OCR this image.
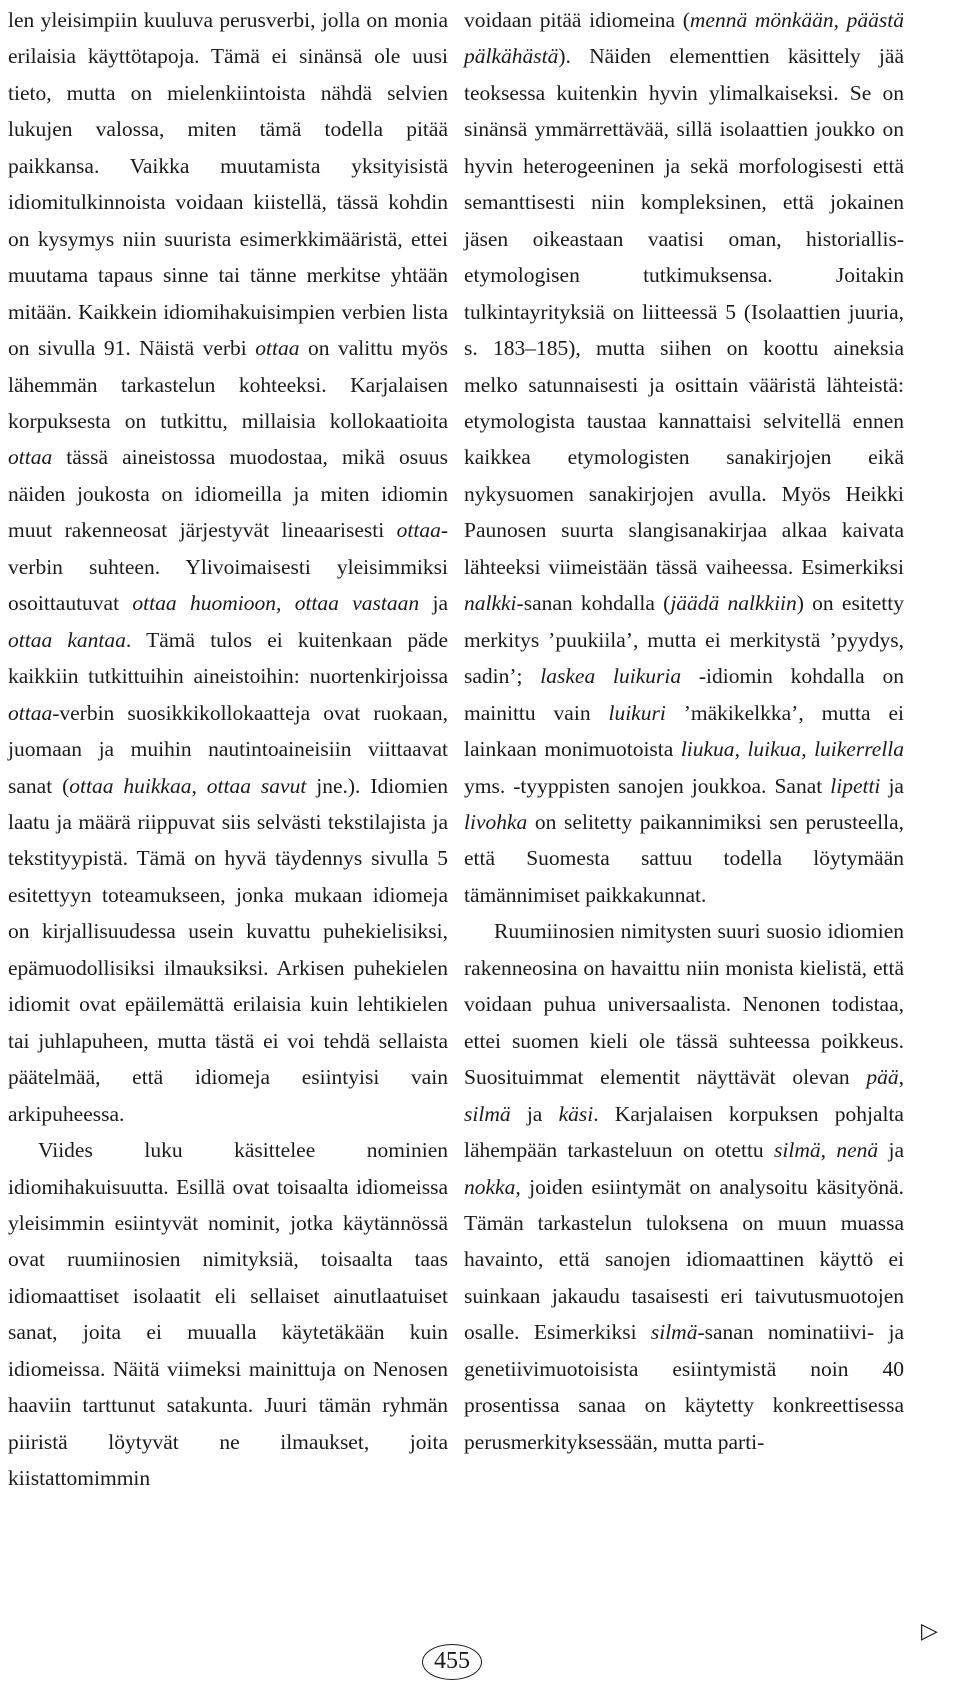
len yleisimpiin kuuluva perusverbi, jolla on monia erilaisia käyttötapoja. Tämä ei sinänsä ole uusi tieto, mutta on mielenkiintoista nähdä selvien lukujen valossa, miten tämä todella pitää paikkansa. Vaikka muutamista yksityisistä idiomitulkinnoista voidaan kiistellä, tässä kohdin on kysymys niin suurista esimerkkimääristä, ettei muutama tapaus sinne tai tänne merkitse yhtään mitään. Kaikkein idiomihakuisimpien verbien lista on sivulla 91. Näistä verbi ottaa on valittu myös lähemmän tarkastelun kohteeksi. Karjalaisen korpuksesta on tutkittu, millaisia kollokaatioita ottaa tässä aineistossa muodostaa, mikä osuus näiden joukosta on idiomeilla ja miten idiomin muut rakenneosat järjestyvät lineaarisesti ottaa-verbin suhteen. Ylivoimaisesti yleisimmiksi osoittautuvat ottaa huomioon, ottaa vastaan ja ottaa kantaa. Tämä tulos ei kuitenkaan päde kaikkiin tutkittuihin aineistoihin: nuortenkirjoissa ottaa-verbin suosikkikollokaatteja ovat ruokaan, juomaan ja muihin nautintoaineisiin viittaavat sanat (ottaa huikkaa, ottaa savut jne.). Idiomien laatu ja määrä riippuvat siis selvästi tekstilajista ja tekstityypistä. Tämä on hyvä täydennys sivulla 5 esitettyyn toteamukseen, jonka mukaan idiomeja on kirjallisuudessa usein kuvattu puhekielisiksi, epämuodollisiksi ilmauksiksi. Arkisen puhekielen idiomit ovat epäilemättä erilaisia kuin lehtikielen tai juhlapuheen, mutta tästä ei voi tehdä sellaista päätelmää, että idiomeja esiintyisi vain arkipuheessa.

Viides luku käsittelee nominien idiomihakuisuutta. Esillä ovat toisaalta idiomeissa yleisimmin esiintyvät nominit, jotka käytännössä ovat ruumiinosien nimityksiä, toisaalta taas idiomaattiset isolaatit eli sellaiset ainutlaatuiset sanat, joita ei muualla käytetäkään kuin idiomeissa. Näitä viimeksi mainittuja on Nenosen haaviin tarttunut satakunta. Juuri tämän ryhmän piiristä löytyvät ne ilmaukset, joita kiistattomimmin

voidaan pitää idiomeina (mennä mönkään, päästä pälkähästä). Näiden elementtien käsittely jää teoksessa kuitenkin hyvin ylimalkaiseksi. Se on sinänsä ymmärrettävää, sillä isolaattien joukko on hyvin heterogeeninen ja sekä morfologisesti että semanttisesti niin kompleksinen, että jokainen jäsen oikeastaan vaatisi oman, historiallis-etymologisen tutkimuksensa. Joitakin tulkintayrityksiä on liitteessä 5 (Isolaattien juuria, s. 183–185), mutta siihen on koottu aineksia melko satunnaisesti ja osittain vääristä lähteistä: etymologista taustaa kannattaisi selvitellä ennen kaikkea etymologisten sanakirjojen eikä nykysuomen sanakirjojen avulla. Myös Heikki Paunosen suurta slangisanakirjaa alkaa kaivata lähteeksi viimeistään tässä vaiheessa. Esimerkiksi nalkki-sanan kohdalla (jäädä nalkkiin) on esitetty merkitys ’puukiila’, mutta ei merkitystä ’pyydys, sadin’; laskea luikuria -idiomin kohdalla on mainittu vain luikuri ’mäkikelkka’, mutta ei lainkaan monimuotoista liukua, luikua, luikerrella yms. -tyyppisten sanojen joukkoa. Sanat lipetti ja livohka on selitetty paikannimiksi sen perusteella, että Suomesta sattuu todella löytymään tämännimiset paikkakunnat.

Ruumiinosien nimitysten suuri suosio idiomien rakenneosina on havaittu niin monista kielistä, että voidaan puhua universaalista. Nenonen todistaa, ettei suomen kieli ole tässä suhteessa poikkeus. Suosituimmat elementit näyttävät olevan pää, silmä ja käsi. Karjalaisen korpuksen pohjalta lähempään tarkasteluun on otettu silmä, nenä ja nokka, joiden esiintymät on analysoitu käsityönä. Tämän tarkastelun tuloksena on muun muassa havainto, että sanojen idiomaattinen käyttö ei suinkaan jakaudu tasaisesti eri taivutusmuotojen osalle. Esimerkiksi silmä-sanan nominatiivi- ja genetiivimuotoisista esiintymistä noin 40 prosentissa sanaa on käytetty konkreettisessa perusmerkityksessään, mutta parti-

▷
455
